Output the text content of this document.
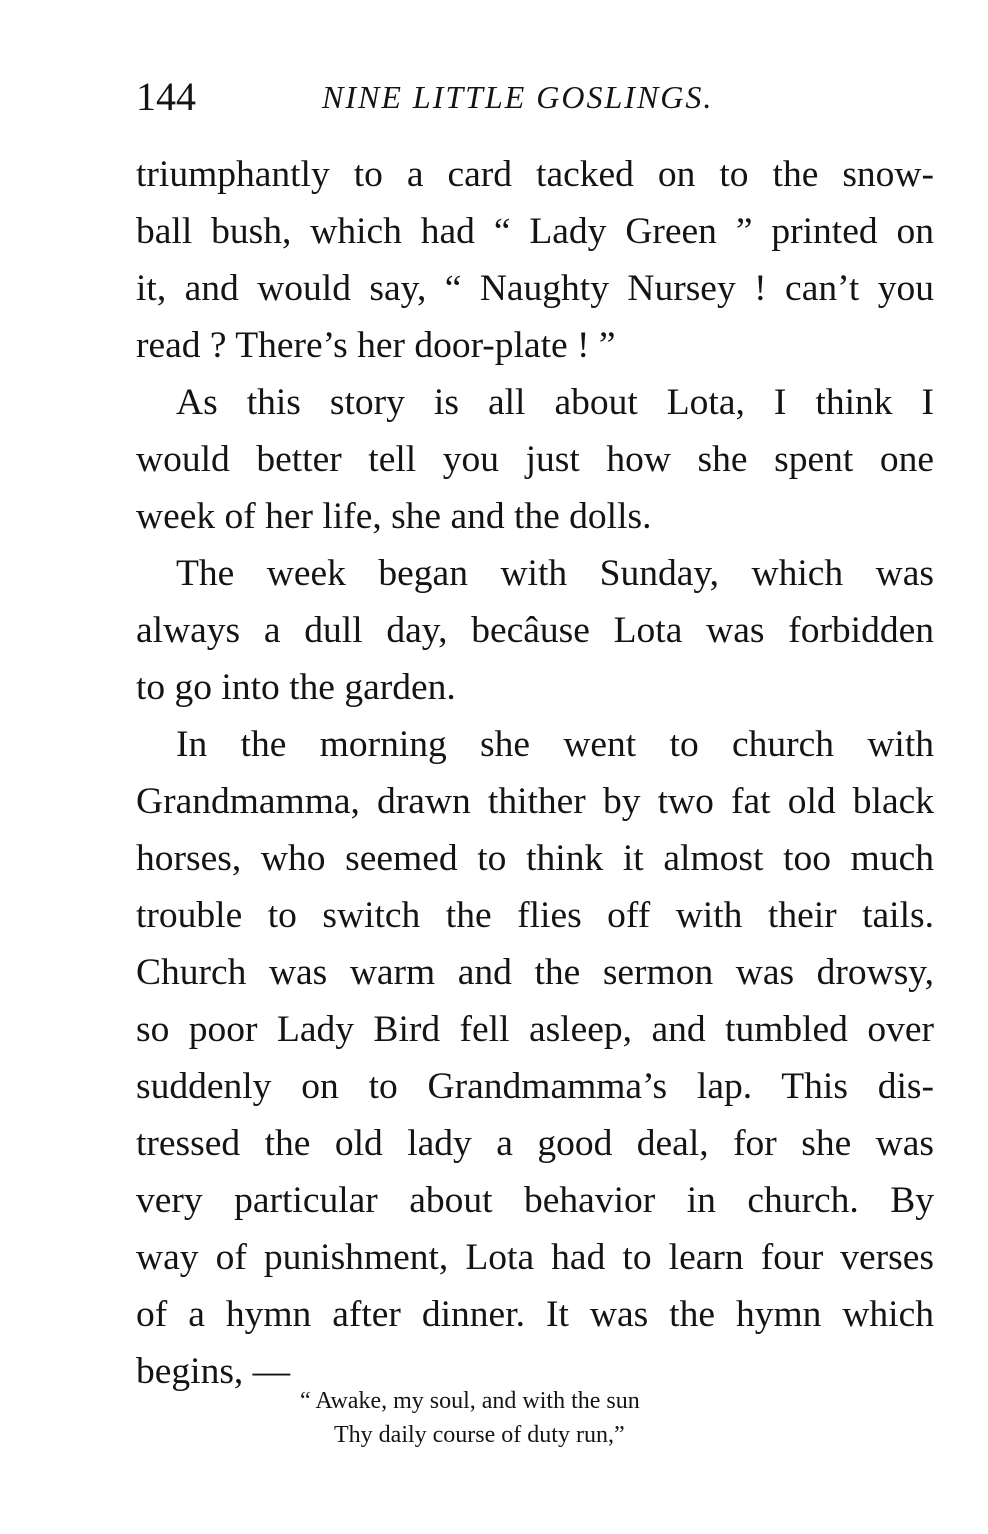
144	NINE LITTLE GOSLINGS.
triumphantly to a card tacked on to the snow-
ball bush, which had “ Lady Green ” printed on
it, and would say, “ Naughty Nursey ! can’t you
read ? There’s her door-plate ! ”
As this story is all about Lota, I think I
would better tell you just how she spent one
week of her life, she and the dolls.
The week began with Sunday, which was
always a dull day, becâuse Lota was forbidden
to go into the garden.
In the morning she went to church with
Grandmamma, drawn thither by two fat old black
horses, who seemed to think it almost too much
trouble to switch the flies off with their tails.
Church was warm and the sermon was drowsy,
so poor Lady Bird fell asleep, and tumbled over
suddenly on to Grandmamma’s lap. This dis-
tressed the old lady a good deal, for she was
very particular about behavior in church. By
way of punishment, Lota had to learn four verses
of a hymn after dinner. It was the hymn which
begins, —
“ Awake, my soul, and with the sun
Thy daily course of duty run,”
